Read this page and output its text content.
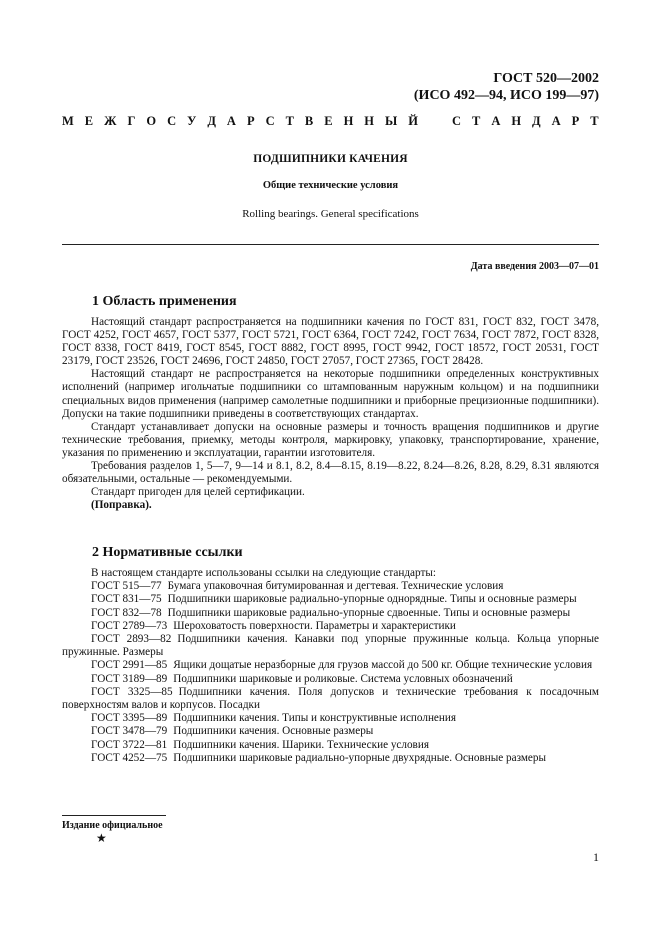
ГОСТ 520—2002
(ИСО 492—94, ИСО 199—97)
М Е Ж Г О С У Д А Р С Т В Е Н Н Ы Й	С Т А Н Д А Р Т
ПОДШИПНИКИ КАЧЕНИЯ
Общие технические условия
Rolling bearings. General specifications
Дата введения 2003—07—01
1 Область применения

Настоящий стандарт распространяется на подшипники качения по ГОСТ 831, ГОСТ 832, ГОСТ 3478, ГОСТ 4252, ГОСТ 4657, ГОСТ 5377, ГОСТ 5721, ГОСТ 6364, ГОСТ 7242, ГОСТ 7634, ГОСТ 7872, ГОСТ 8328, ГОСТ 8338, ГОСТ 8419, ГОСТ 8545, ГОСТ 8882, ГОСТ 8995, ГОСТ 9942, ГОСТ 18572, ГОСТ 20531, ГОСТ 23179, ГОСТ 23526, ГОСТ 24696, ГОСТ 24850, ГОСТ 27057, ГОСТ 27365, ГОСТ 28428.

Настоящий стандарт не распространяется на некоторые подшипники определенных конструктивных исполнений (например игольчатые подшипники со штампованным наружным кольцом) и на подшипники специальных видов применения (например самолетные подшипники и приборные прецизионные подшипники). Допуски на такие подшипники приведены в соответствующих стандартах.

Стандарт устанавливает допуски на основные размеры и точность вращения подшипников и другие технические требования, приемку, методы контроля, маркировку, упаковку, транспортирование, хранение, указания по применению и эксплуатации, гарантии изготовителя.

Требования разделов 1, 5—7, 9—14 и 8.1, 8.2, 8.4—8.15, 8.19—8.22, 8.24—8.26, 8.28, 8.29, 8.31 являются обязательными, остальные — рекомендуемыми.

Стандарт пригоден для целей сертификации.

(Поправка).

2 Нормативные ссылки

В настоящем стандарте использованы ссылки на следующие стандарты:

ГОСТ 515—77 Бумага упаковочная битумированная и дегтевая. Технические условия

ГОСТ 831—75 Подшипники шариковые радиально-упорные однорядные. Типы и основные размеры

ГОСТ 832—78 Подшипники шариковые радиально-упорные сдвоенные. Типы и основные размеры

ГОСТ 2789—73 Шероховатость поверхности. Параметры и характеристики

ГОСТ 2893—82 Подшипники качения. Канавки под упорные пружинные кольца. Кольца упорные пружинные. Размеры

ГОСТ 2991—85 Ящики дощатые неразборные для грузов массой до 500 кг. Общие технические условия

ГОСТ 3189—89 Подшипники шариковые и роликовые. Система условных обозначений

ГОСТ 3325—85 Подшипники качения. Поля допусков и технические требования к посадочным поверхностям валов и корпусов. Посадки

ГОСТ 3395—89 Подшипники качения. Типы и конструктивные исполнения

ГОСТ 3478—79 Подшипники качения. Основные размеры

ГОСТ 3722—81 Подшипники качения. Шарики. Технические условия

ГОСТ 4252—75 Подшипники шариковые радиально-упорные двухрядные. Основные размеры

Издание официальное
★
1
